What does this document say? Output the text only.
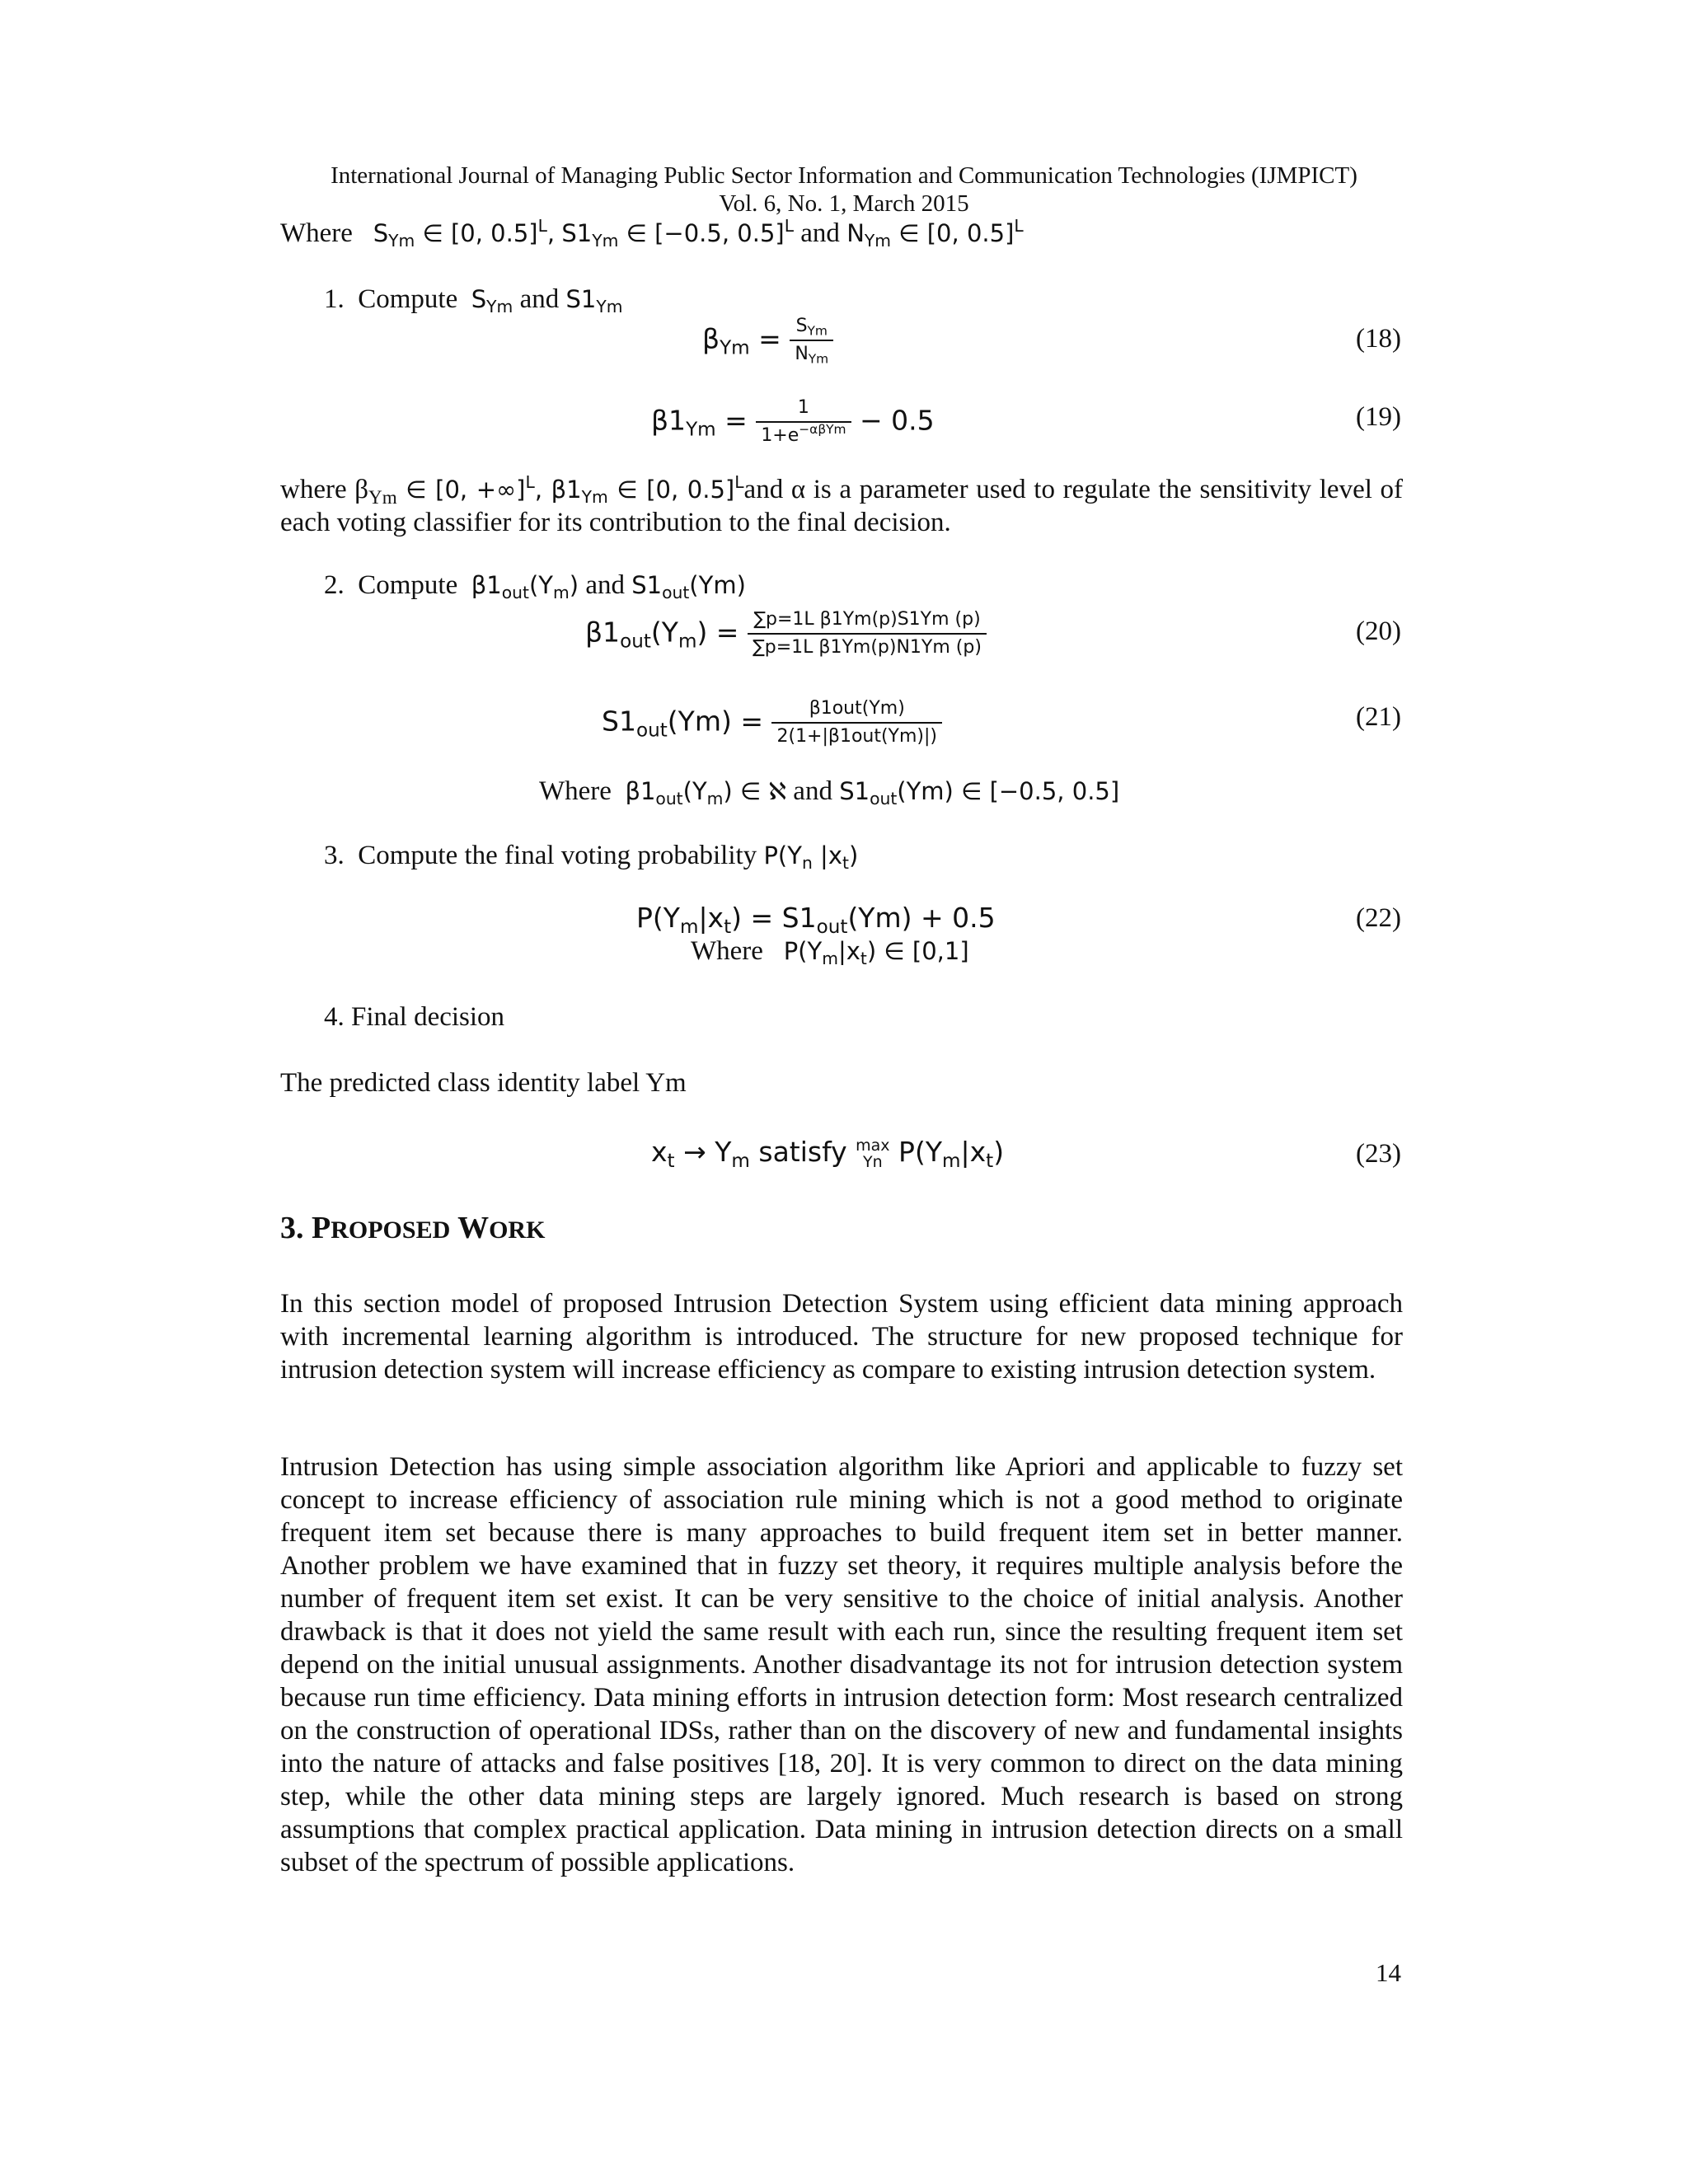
International Journal of Managing Public Sector Information and Communication Technologies (IJMPICT)
Vol. 6, No. 1, March 2015
Where $S_{Ym}$ ∈ [0, 0.5]$^L$, $S1_{Ym}$ ∈ [−0.5, 0.5]$^L$ and $N_{Ym}$ ∈ [0, 0.5]$^L$
1.  Compute $S_{Ym}$ and $S1_{Ym}$
$\beta_{Ym} = \frac{S_{Ym}}{N_{Ym}}$	(18)
$\beta 1_{Ym} = \frac{1}{1+e^{-\alpha\beta Ym}} - 0.5$	(19)
where $\beta_{Ym}$ ∈ [0, +∞]$^L$, $\beta 1_{Ym}$ ∈ [0, 0.5]$^L$and α is a parameter used to regulate the sensitivity level of each voting classifier for its contribution to the final decision.
2.  Compute $\beta 1_{out}(Y_m)$ and $S1_{out}(Ym)$
$\beta 1_{out}(Y_m) = \frac{\text{∑p=1L β1Ym(p)S1Ym (p)}}{\text{∑p=1L β1Ym(p)N1Ym (p)}}$	(20)
$S1_{out}(Ym) = \frac{\text{β1out(Ym)}}{\text{2(1+|β1out(Ym)|)}}$	(21)
Where $\beta 1_{out}(Y_m)$ ∈ ℵ and $S1_{out}(Ym)$ ∈ [−0.5, 0.5]
3.  Compute the final voting probability $P(Y_n$ $|x_t$)
$P(Y_m|x_t) = S1_{out}(Ym) + 0.5$	(22)
Where $P(Y_m|x_t)$ ∈ [0,1]
4. Final decision
The predicted class identity label Ym
$x_t \to Y_m$ satisfy max
Yn $P(Y_m|x_t)$	(23)
3. PROPOSED WORK
In this section model of proposed Intrusion Detection System using efficient data mining approach with incremental learning algorithm is introduced. The structure for new proposed technique for intrusion detection system will increase efficiency as compare to existing intrusion detection system.
Intrusion Detection has using simple association algorithm like Apriori and applicable to fuzzy set concept to increase efficiency of association rule mining which is not a good method to originate frequent item set because there is many approaches to build frequent item set in better manner. Another problem we have examined that in fuzzy set theory, it requires multiple analysis before the number of frequent item set exist. It can be very sensitive to the choice of initial analysis. Another drawback is that it does not yield the same result with each run, since the resulting frequent item set depend on the initial unusual assignments. Another disadvantage its not for intrusion detection system because run time efficiency. Data mining efforts in intrusion detection form: Most research centralized on the construction of operational IDSs, rather than on the discovery of new and fundamental insights into the nature of attacks and false positives [18, 20]. It is very common to direct on the data mining step, while the other data mining steps are largely ignored. Much research is based on strong assumptions that complex practical application. Data mining in intrusion detection directs on a small subset of the spectrum of possible applications.
14
